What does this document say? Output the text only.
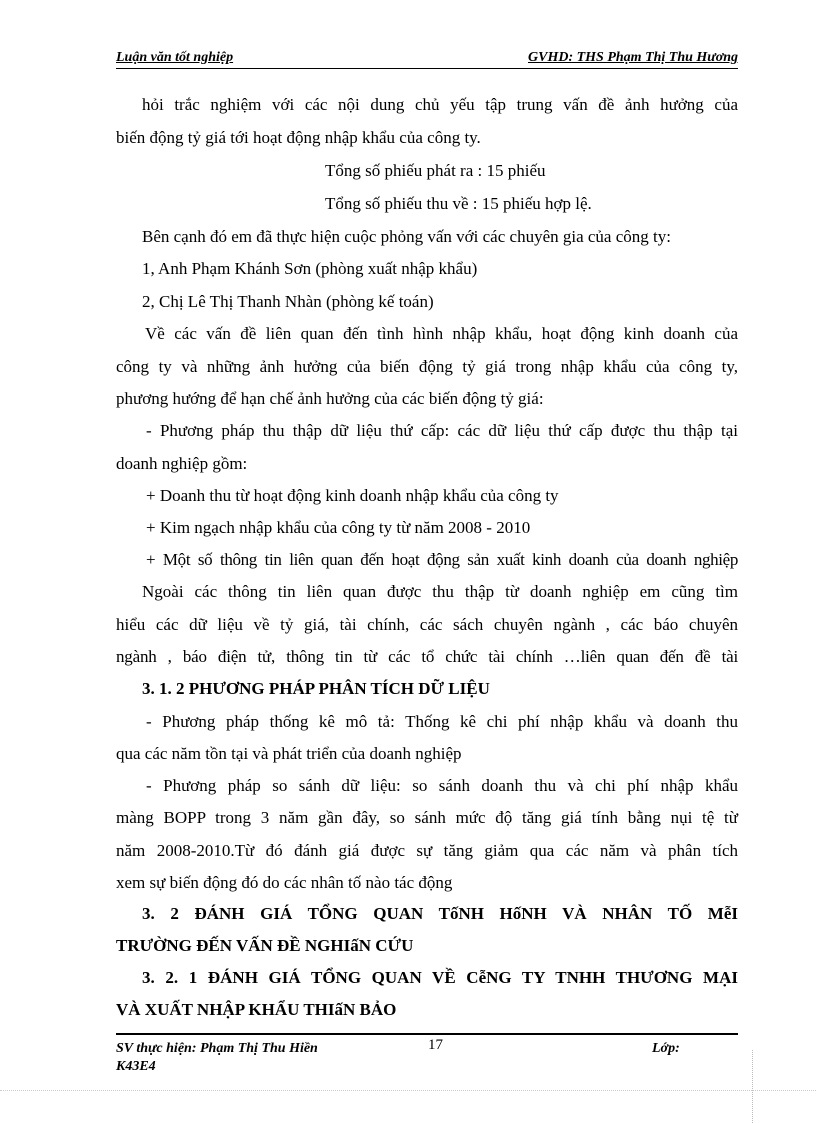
Luận văn tốt nghiệp	GVHD: THS Phạm Thị Thu Hương
hỏi trắc nghiệm với các nội dung chủ yếu tập trung vấn đề ảnh hưởng của
biến động tỷ giá tới hoạt động nhập khẩu của công ty.
Tổng số phiếu phát ra : 15 phiếu
Tổng số phiếu thu về : 15 phiếu hợp lệ.
Bên cạnh đó em đã thực hiện cuộc phỏng vấn với các chuyên gia của công ty:
1, Anh Phạm Khánh Sơn (phòng xuất nhập khẩu)
2, Chị Lê Thị Thanh Nhàn (phòng kế toán)
Về các vấn đề liên quan đến tình hình nhập khẩu, hoạt động kinh doanh của
công ty và những ảnh hưởng của biến động tỷ giá trong nhập khẩu của công ty,
phương hướng để hạn chế ảnh hưởng của các biến động tỷ giá:
- Phương pháp thu thập dữ liệu thứ cấp: các dữ liệu thứ cấp được thu thập tại
doanh nghiệp gồm:
+ Doanh thu từ hoạt động kinh doanh nhập khẩu của công ty
+ Kim ngạch nhập khẩu của công ty từ năm 2008 - 2010
+ Một số thông tin liên quan đến hoạt động sản xuất kinh doanh của doanh nghiệp
Ngoài các thông tin liên quan được thu thập từ doanh nghiệp em cũng tìm
hiểu các dữ liệu về tỷ giá, tài chính, các sách chuyên ngành , các báo chuyên
ngành , báo điện tử, thông tin từ các tổ chức tài chính …liên quan đến đề tài
3. 1. 2 PHƯƠNG PHÁP PHÂN TÍCH DỮ LIỆU
- Phương pháp thống kê mô tả: Thống kê chi phí nhập khẩu và doanh thu
qua các năm tồn tại và phát triển của doanh nghiệp
- Phương pháp so sánh dữ liệu: so sánh doanh thu và chi phí nhập khẩu
màng BOPP trong 3 năm gần đây, so sánh mức độ tăng giá tính bằng nụi tệ từ
năm 2008-2010.Từ đó đánh giá được sự tăng giảm qua các năm và phân tích
xem sự biến động đó do các nhân tố nào tác động
3. 2 ĐÁNH GIÁ TỔNG QUAN TốNH HốNH VÀ NHÂN TỐ MễI
TRƯỜNG ĐẾN VẤN ĐỀ NGHIấN CỨU
3. 2. 1 ĐÁNH GIÁ TỔNG QUAN VỀ CễNG TY TNHH THƯƠNG MẠI
VÀ XUẤT NHẬP KHẨU THIấN BẢO
SV thực hiện: Phạm Thị Thu Hiền	17	Lớp:
K43E4
